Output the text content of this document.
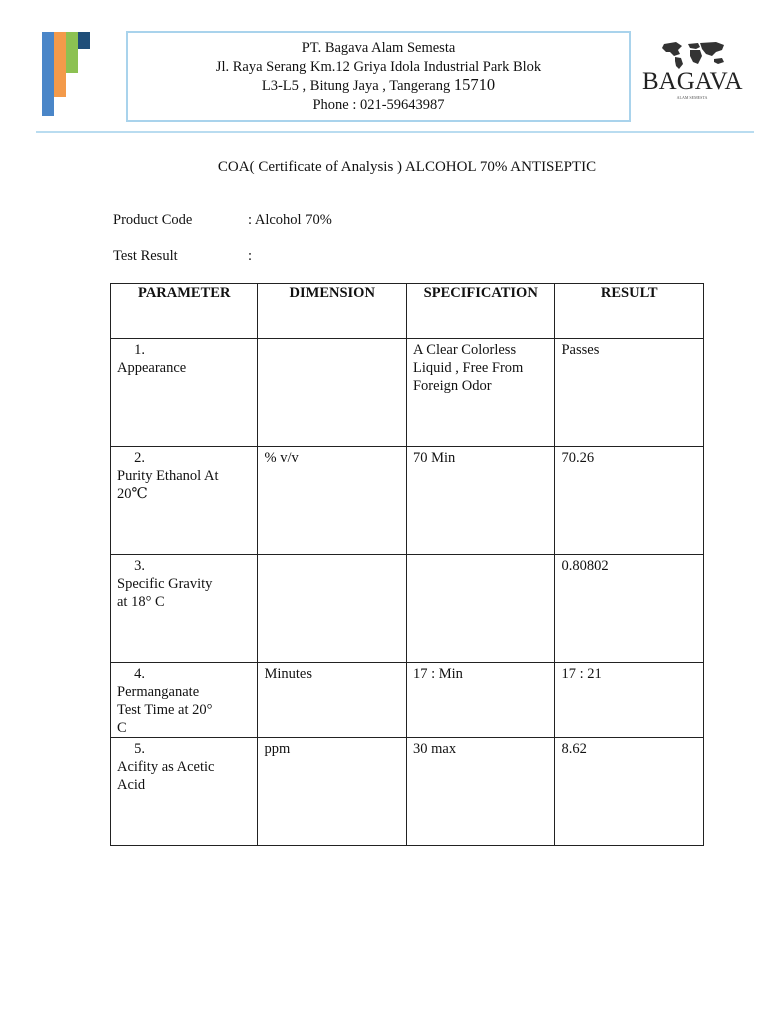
PT. Bagava Alam Semesta
Jl. Raya Serang Km.12 Griya Idola Industrial Park Blok
L3-L5 , Bitung Jaya , Tangerang 15710
Phone : 021-59643987
BAGAVA
ALAM SEMESTA
COA( Certificate of Analysis ) ALCOHOL 70% ANTISEPTIC
Product Code	: Alcohol 70%
Test Result	:
PARAMETER	DIMENSION	SPECIFICATION	RESULT
1.Appearance		A Clear Colorless Liquid , Free From Foreign Odor	Passes
2.Purity Ethanol At 20℃	% v/v	70 Min	70.26
3.Specific Gravity at 18° C			0.80802
4.Permanganate Test Time at 20° C	Minutes	17 : Min	17 : 21
5.Acifity as Acetic Acid	ppm	30 max	8.62
